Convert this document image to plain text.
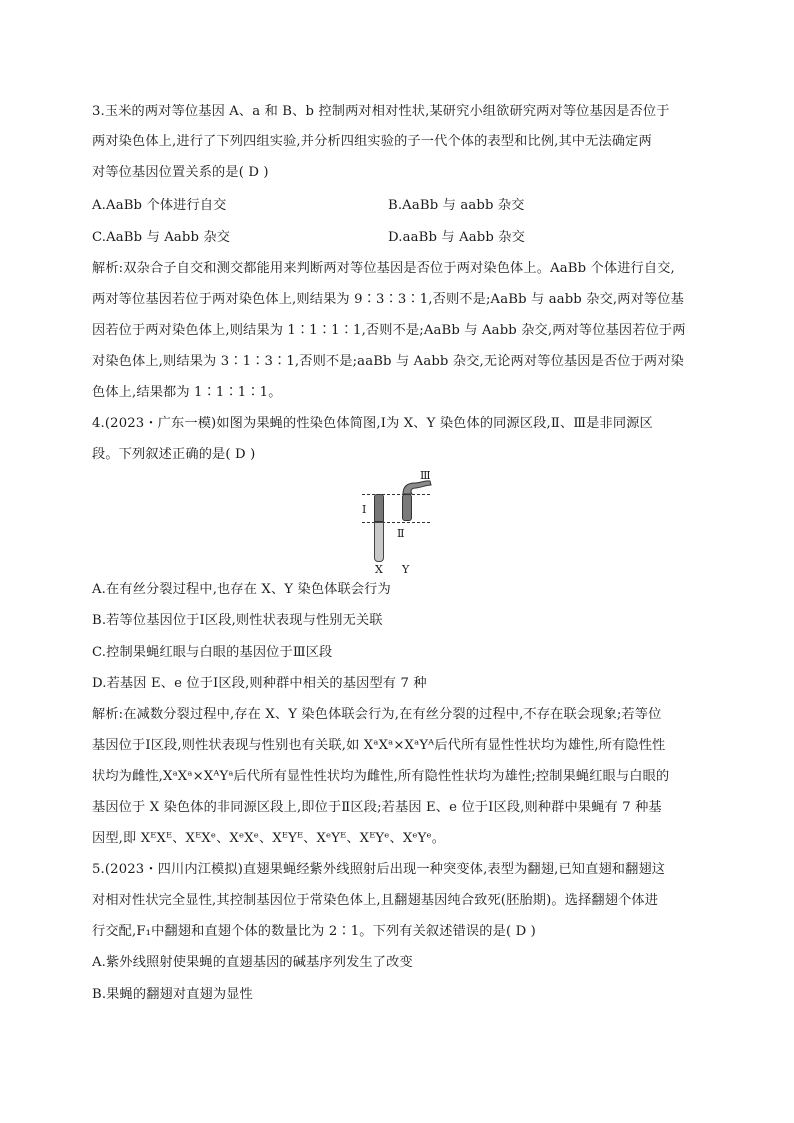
3.玉米的两对等位基因 A、a 和 B、b 控制两对相对性状,某研究小组欲研究两对等位基因是否位于
两对染色体上,进行了下列四组实验,并分析四组实验的子一代个体的表型和比例,其中无法确定两
对等位基因位置关系的是( D )
A.AaBb 个体进行自交	B.AaBb 与 aabb 杂交
C.AaBb 与 Aabb 杂交	D.aaBb 与 Aabb 杂交
解析:双杂合子自交和测交都能用来判断两对等位基因是否位于两对染色体上。AaBb 个体进行自交,
两对等位基因若位于两对染色体上,则结果为 9∶3∶3∶1,否则不是;AaBb 与 aabb 杂交,两对等位基
因若位于两对染色体上,则结果为 1∶1∶1∶1,否则不是;AaBb 与 Aabb 杂交,两对等位基因若位于两
对染色体上,则结果为 3∶1∶3∶1,否则不是;aaBb 与 Aabb 杂交,无论两对等位基因是否位于两对染
色体上,结果都为 1∶1∶1∶1。
4.(2023・广东一模)如图为果蝇的性染色体简图,Ⅰ为 X、Y 染色体的同源区段,Ⅱ、Ⅲ是非同源区
段。下列叙述正确的是( D )
A.在有丝分裂过程中,也存在 X、Y 染色体联会行为
B.若等位基因位于Ⅰ区段,则性状表现与性别无关联
C.控制果蝇红眼与白眼的基因位于Ⅲ区段
D.若基因 E、e 位于Ⅰ区段,则种群中相关的基因型有 7 种
解析:在减数分裂过程中,存在 X、Y 染色体联会行为,在有丝分裂的过程中,不存在联会现象;若等位
基因位于Ⅰ区段,则性状表现与性别也有关联,如 XᵃXᵃ×XᵃYᴬ后代所有显性性状均为雄性,所有隐性性
状均为雌性,XᵃXᵃ×XᴬYᵃ后代所有显性性状均为雌性,所有隐性性状均为雄性;控制果蝇红眼与白眼的
基因位于 X 染色体的非同源区段上,即位于Ⅱ区段;若基因 E、e 位于Ⅰ区段,则种群中果蝇有 7 种基
因型,即 XᴱXᴱ、XᴱXᵉ、XᵉXᵉ、XᴱYᴱ、XᵉYᴱ、XᴱYᵉ、XᵉYᵉ。
5.(2023・四川内江模拟)直翅果蝇经紫外线照射后出现一种突变体,表型为翻翅,已知直翅和翻翅这
对相对性状完全显性,其控制基因位于常染色体上,且翻翅基因纯合致死(胚胎期)。选择翻翅个体进
行交配,F₁中翻翅和直翅个体的数量比为 2∶1。下列有关叙述错误的是( D )
A.紫外线照射使果蝇的直翅基因的碱基序列发生了改变
B.果蝇的翻翅对直翅为显性
Ⅰ
Ⅱ
Ⅲ
X Y
